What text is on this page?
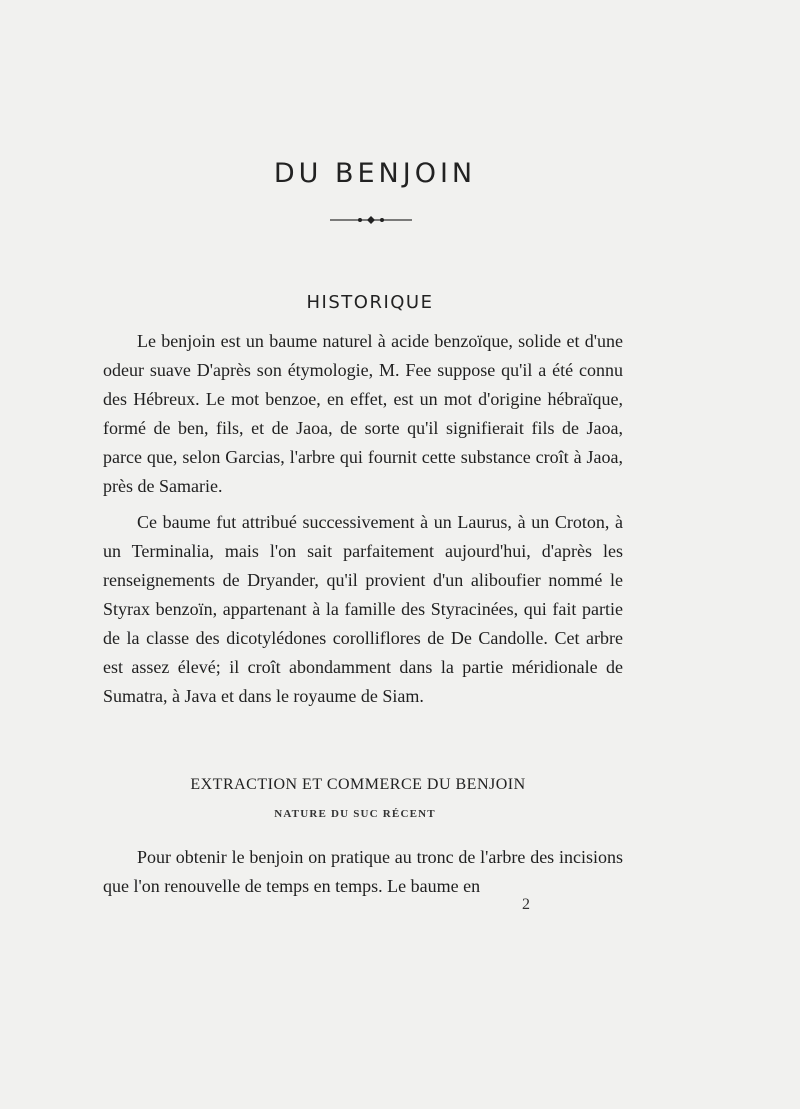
DU BENJOIN
HISTORIQUE

Le benjoin est un baume naturel à acide benzoïque, solide et d'une odeur suave D'après son étymologie, M. Fee suppose qu'il a été connu des Hébreux. Le mot benzoe, en effet, est un mot d'origine hébraïque, formé de ben, fils, et de Jaoa, de sorte qu'il signifierait fils de Jaoa, parce que, selon Garcias, l'arbre qui fournit cette substance croît à Jaoa, près de Samarie.

Ce baume fut attribué successivement à un Laurus, à un Croton, à un Terminalia, mais l'on sait parfaitement aujourd'hui, d'après les renseignements de Dryander, qu'il provient d'un aliboufier nommé le Styrax benzoïn, appartenant à la famille des Styracinées, qui fait partie de la classe des dicotylédones corolliflores de De Candolle. Cet arbre est assez élevé; il croît abondamment dans la partie méridionale de Sumatra, à Java et dans le royaume de Siam.

EXTRACTION ET COMMERCE DU BENJOIN
NATURE DU SUC RÉCENT

Pour obtenir le benjoin on pratique au tronc de l'arbre des incisions que l'on renouvelle de temps en temps. Le baume en

2
